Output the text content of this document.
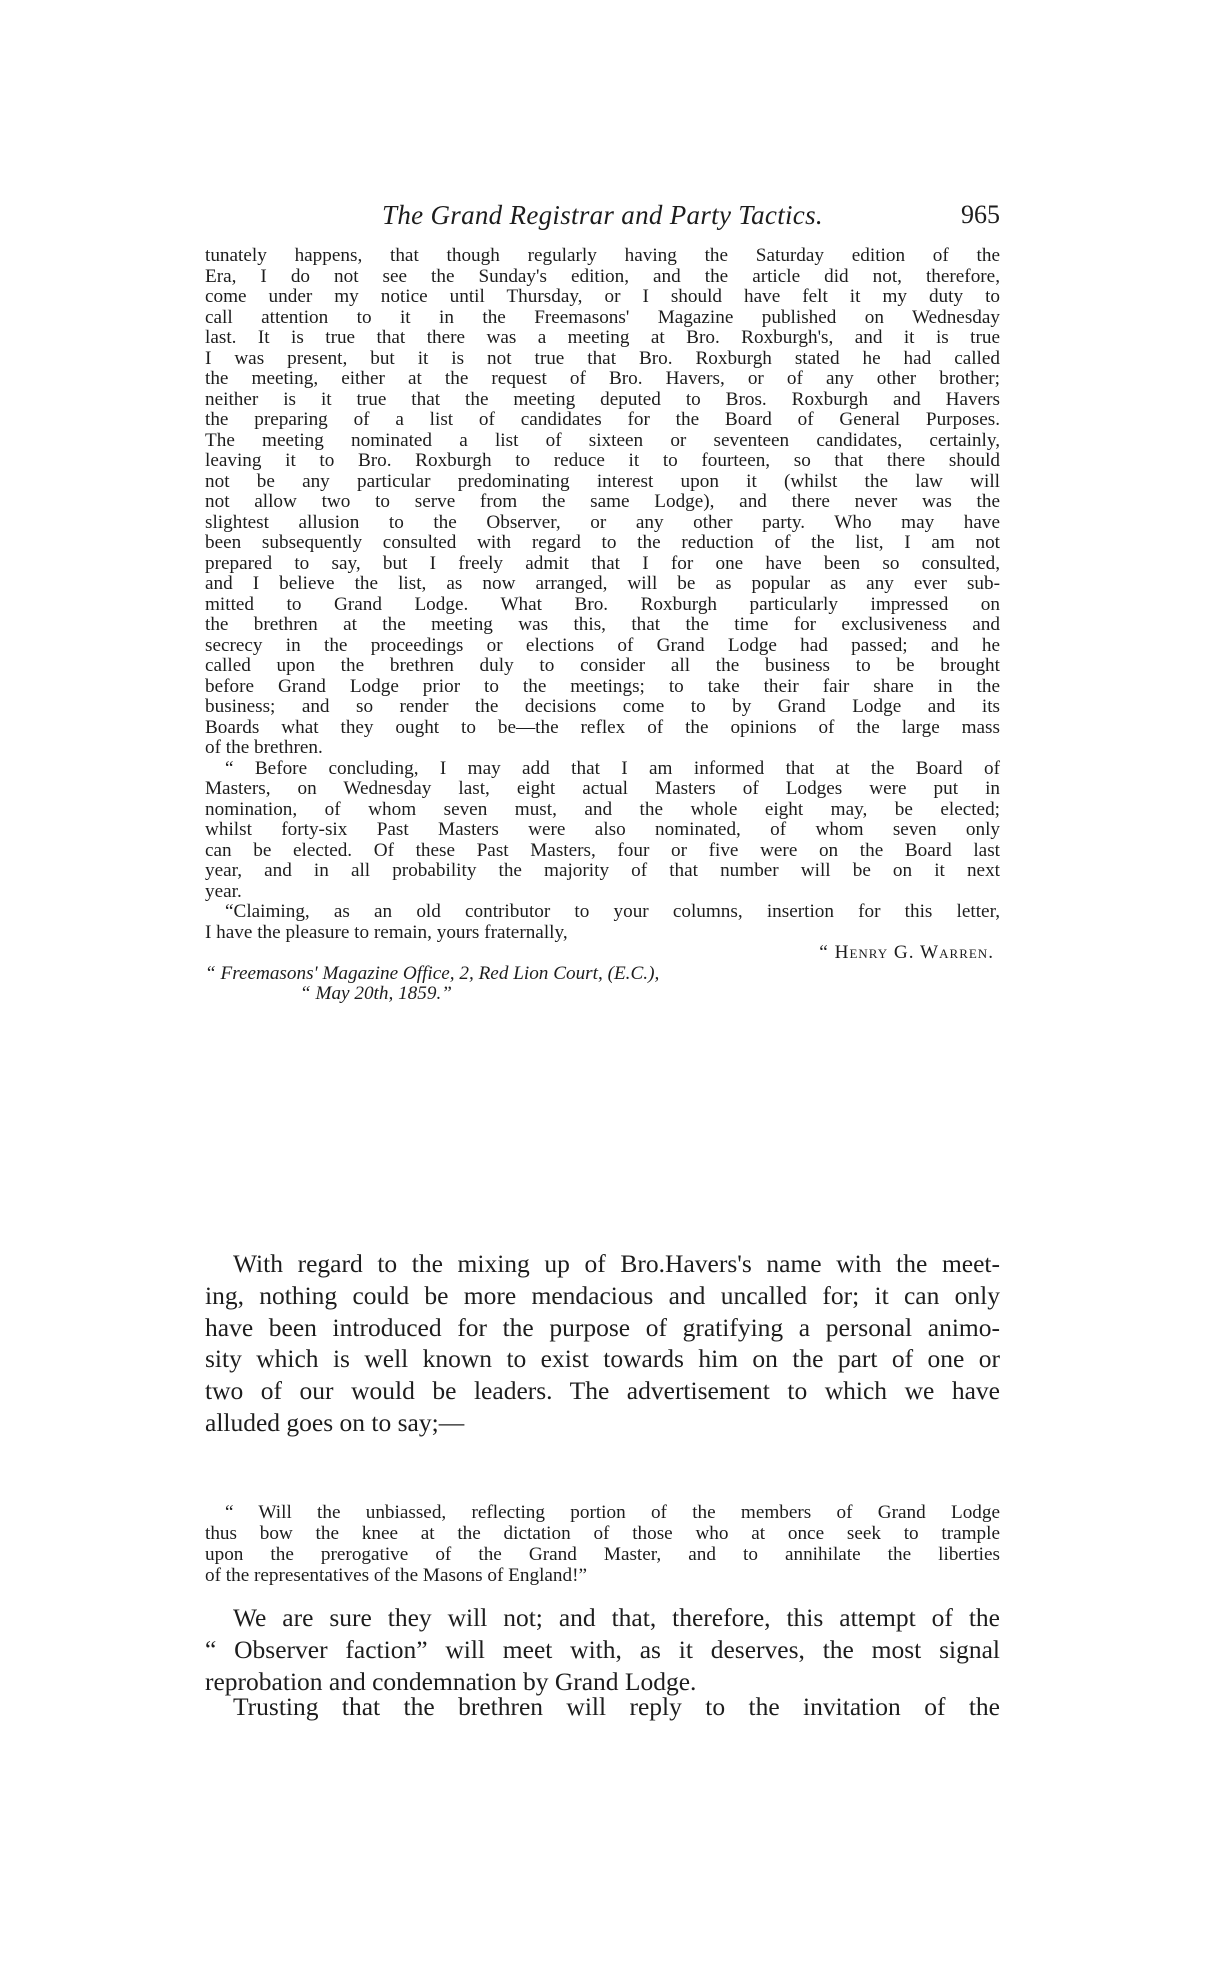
The Grand Registrar and Party Tactics.	965
tunately happens, that though regularly having the Saturday edition of the
Era, I do not see the Sunday's edition, and the article did not, therefore,
come under my notice until Thursday, or I should have felt it my duty to
call attention to it in the Freemasons' Magazine published on Wednesday
last. It is true that there was a meeting at Bro. Roxburgh's, and it is true
I was present, but it is not true that Bro. Roxburgh stated he had called
the meeting, either at the request of Bro. Havers, or of any other brother;
neither is it true that the meeting deputed to Bros. Roxburgh and Havers
the preparing of a list of candidates for the Board of General Purposes.
The meeting nominated a list of sixteen or seventeen candidates, certainly,
leaving it to Bro. Roxburgh to reduce it to fourteen, so that there should
not be any particular predominating interest upon it (whilst the law will
not allow two to serve from the same Lodge), and there never was the
slightest allusion to the Observer, or any other party. Who may have
been subsequently consulted with regard to the reduction of the list, I am not
prepared to say, but I freely admit that I for one have been so consulted,
and I believe the list, as now arranged, will be as popular as any ever sub-
mitted to Grand Lodge. What Bro. Roxburgh particularly impressed on
the brethren at the meeting was this, that the time for exclusiveness and
secrecy in the proceedings or elections of Grand Lodge had passed; and he
called upon the brethren duly to consider all the business to be brought
before Grand Lodge prior to the meetings; to take their fair share in the
business; and so render the decisions come to by Grand Lodge and its
Boards what they ought to be—the reflex of the opinions of the large mass
of the brethren.
“ Before concluding, I may add that I am informed that at the Board of
Masters, on Wednesday last, eight actual Masters of Lodges were put in
nomination, of whom seven must, and the whole eight may, be elected;
whilst forty-six Past Masters were also nominated, of whom seven only
can be elected. Of these Past Masters, four or five were on the Board last
year, and in all probability the majority of that number will be on it next
year.
“Claiming, as an old contributor to your columns, insertion for this letter,
I have the pleasure to remain, yours fraternally,
“ Henry G. Warren.
“ Freemasons' Magazine Office, 2, Red Lion Court, (E.C.),
“ May 20th, 1859.”
With regard to the mixing up of Bro.Havers's name with the meet-
ing, nothing could be more mendacious and uncalled for; it can only
have been introduced for the purpose of gratifying a personal animo-
sity which is well known to exist towards him on the part of one or
two of our would be leaders. The advertisement to which we have
alluded goes on to say;—
“ Will the unbiassed, reflecting portion of the members of Grand Lodge
thus bow the knee at the dictation of those who at once seek to trample
upon the prerogative of the Grand Master, and to annihilate the liberties
of the representatives of the Masons of England!”
We are sure they will not; and that, therefore, this attempt of the
“ Observer faction” will meet with, as it deserves, the most signal
reprobation and condemnation by Grand Lodge.
Trusting that the brethren will reply to the invitation of the
